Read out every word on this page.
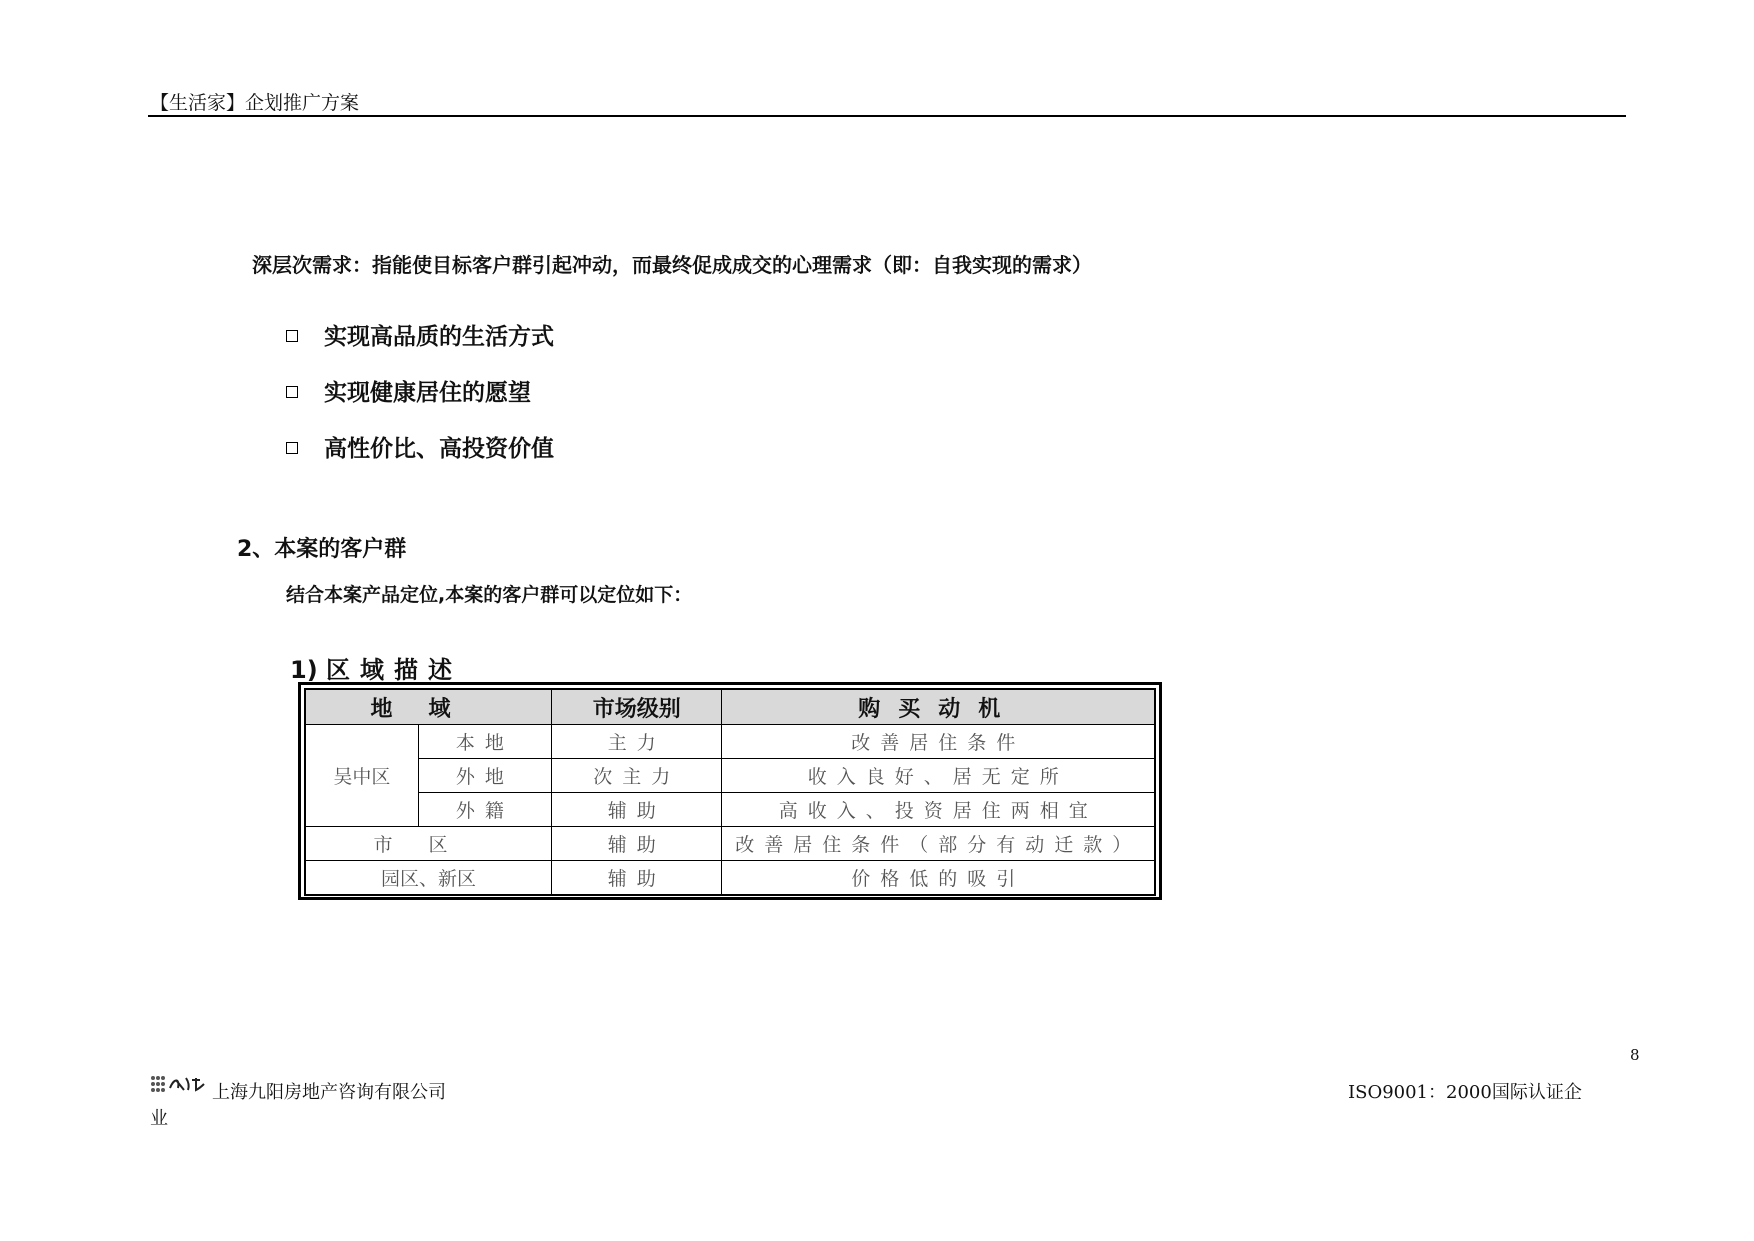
【生活家】企划推广方案
深层次需求：指能使目标客户群引起冲动，而最终促成成交的心理需求（即：自我实现的需求）
实现高品质的生活方式
实现健康居住的愿望
高性价比、高投资价值
2、本案的客户群
结合本案产品定位,本案的客户群可以定位如下：
1) 区域描述
地域		市场级别	购买动机
吴中区	本地	主力	改善居住条件
	外地	次主力	收入良好、居无定所
	外籍	辅助	高收入、投资居住两相宜
市区		辅助	改善居住条件（部分有动迁款）
园区、新区		辅助	价格低的吸引
8
上海九阳房地产咨询有限公司
业
ISO9001：2000国际认证企
